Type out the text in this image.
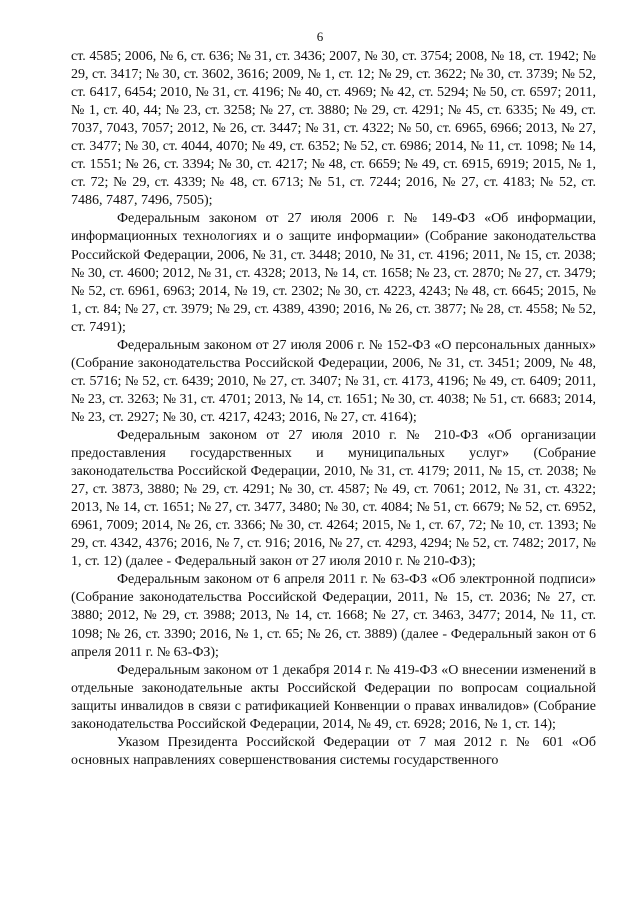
6

ст. 4585; 2006, № 6, ст. 636; № 31, ст. 3436; 2007, № 30, ст. 3754; 2008, № 18, ст. 1942; № 29, ст. 3417; № 30, ст. 3602, 3616; 2009, № 1, ст. 12; № 29, ст. 3622; № 30, ст. 3739; № 52, ст. 6417, 6454; 2010, № 31, ст. 4196; № 40, ст. 4969; № 42, ст. 5294; № 50, ст. 6597; 2011, № 1, ст. 40, 44; № 23, ст. 3258; № 27, ст. 3880; № 29, ст. 4291; № 45, ст. 6335; № 49, ст. 7037, 7043, 7057; 2012, № 26, ст. 3447; № 31, ст. 4322; № 50, ст. 6965, 6966; 2013, № 27, ст. 3477; № 30, ст. 4044, 4070; № 49, ст. 6352; № 52, ст. 6986; 2014, № 11, ст. 1098; № 14, ст. 1551; № 26, ст. 3394; № 30, ст. 4217; № 48, ст. 6659; № 49, ст. 6915, 6919; 2015, № 1, ст. 72; № 29, ст. 4339; № 48, ст. 6713; № 51, ст. 7244; 2016, № 27, ст. 4183; № 52, ст. 7486, 7487, 7496, 7505);

Федеральным законом от 27 июля 2006 г. № 149-ФЗ «Об информации, информационных технологиях и о защите информации» (Собрание законодательства Российской Федерации, 2006, № 31, ст. 3448; 2010, № 31, ст. 4196; 2011, № 15, ст. 2038; № 30, ст. 4600; 2012, № 31, ст. 4328; 2013, № 14, ст. 1658; № 23, ст. 2870; № 27, ст. 3479; № 52, ст. 6961, 6963; 2014, № 19, ст. 2302; № 30, ст. 4223, 4243; № 48, ст. 6645; 2015, № 1, ст. 84; № 27, ст. 3979; № 29, ст. 4389, 4390; 2016, № 26, ст. 3877; № 28, ст. 4558; № 52, ст. 7491);

Федеральным законом от 27 июля 2006 г. № 152-ФЗ «О персональных данных» (Собрание законодательства Российской Федерации, 2006, № 31, ст. 3451; 2009, № 48, ст. 5716; № 52, ст. 6439; 2010, № 27, ст. 3407; № 31, ст. 4173, 4196; № 49, ст. 6409; 2011, № 23, ст. 3263; № 31, ст. 4701; 2013, № 14, ст. 1651; № 30, ст. 4038; № 51, ст. 6683; 2014, № 23, ст. 2927; № 30, ст. 4217, 4243; 2016, № 27, ст. 4164);

Федеральным законом от 27 июля 2010 г. № 210-ФЗ «Об организации предоставления государственных и муниципальных услуг» (Собрание законодательства Российской Федерации, 2010, № 31, ст. 4179; 2011, № 15, ст. 2038; № 27, ст. 3873, 3880; № 29, ст. 4291; № 30, ст. 4587; № 49, ст. 7061; 2012, № 31, ст. 4322; 2013, № 14, ст. 1651; № 27, ст. 3477, 3480; № 30, ст. 4084; № 51, ст. 6679; № 52, ст. 6952, 6961, 7009; 2014, № 26, ст. 3366; № 30, ст. 4264; 2015, № 1, ст. 67, 72; № 10, ст. 1393; № 29, ст. 4342, 4376; 2016, № 7, ст. 916; 2016, № 27, ст. 4293, 4294; № 52, ст. 7482; 2017, № 1, ст. 12) (далее - Федеральный закон от 27 июля 2010 г. № 210-ФЗ);

Федеральным законом от 6 апреля 2011 г. № 63-ФЗ «Об электронной подписи» (Собрание законодательства Российской Федерации, 2011, № 15, ст. 2036; № 27, ст. 3880; 2012, № 29, ст. 3988; 2013, № 14, ст. 1668; № 27, ст. 3463, 3477; 2014, № 11, ст. 1098; № 26, ст. 3390; 2016, № 1, ст. 65; № 26, ст. 3889) (далее - Федеральный закон от 6 апреля 2011 г. № 63-ФЗ);

Федеральным законом от 1 декабря 2014 г. № 419-ФЗ «О внесении изменений в отдельные законодательные акты Российской Федерации по вопросам социальной защиты инвалидов в связи с ратификацией Конвенции о правах инвалидов» (Собрание законодательства Российской Федерации, 2014, № 49, ст. 6928; 2016, № 1, ст. 14);

Указом Президента Российской Федерации от 7 мая 2012 г. № 601 «Об основных направлениях совершенствования системы государственного
